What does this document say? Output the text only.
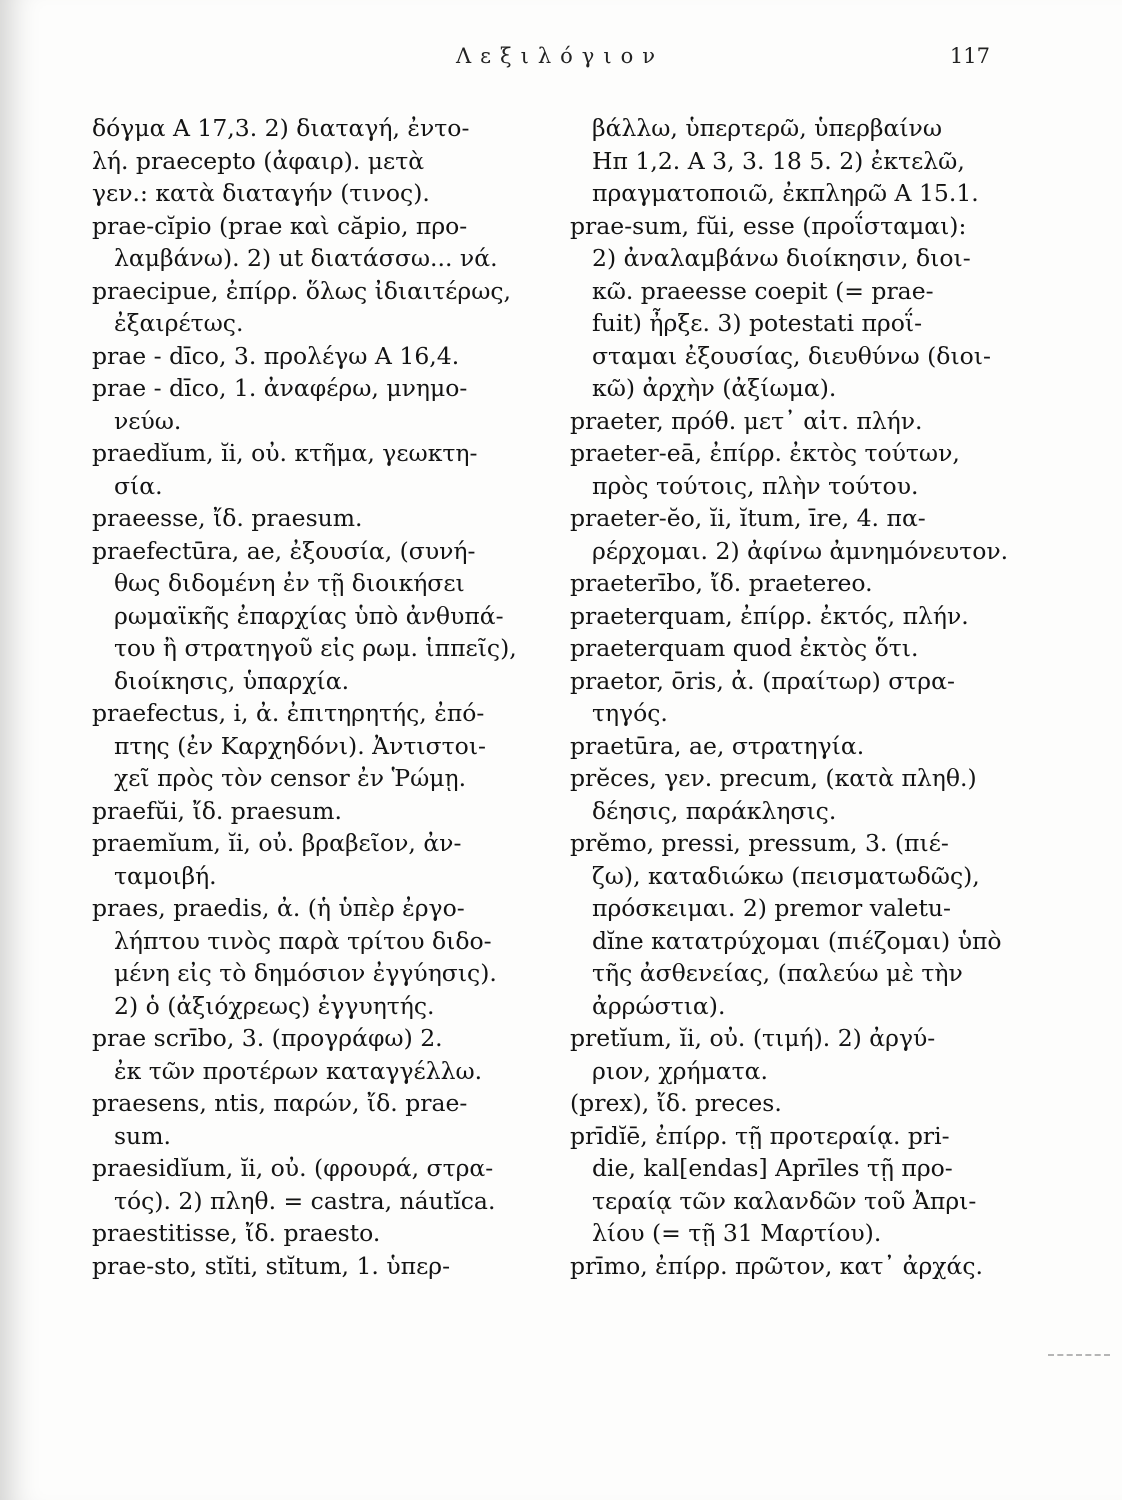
Λεξιλόγιον	117
δόγμα Α 17,3. 2) διαταγή, ἐντο-
λή. praecepto (ἀφαιρ). μετὰ
γεν.: κατὰ διαταγήν (τινος).
prae-cĭpio (prae καὶ căpio, προ-
λαμβάνω). 2) ut διατάσσω... νά.
praecipue, ἐπίρρ. ὅλως ἰδιαιτέρως,
ἐξαιρέτως.
prae - dīco, 3. προλέγω Α 16,4.
prae - dīco, 1. ἀναφέρω, μνημο-
νεύω.
praedĭum, ĭi, οὐ. κτῆμα, γεωκτη-
σία.
praeesse, ἴδ. praesum.
praefectūra, ae, ἐξουσία, (συνή-
θως διδομένη ἐν τῇ διοικήσει
ρωμαϊκῆς ἐπαρχίας ὑπὸ ἀνθυπά-
του ἢ στρατηγοῦ εἰς ρωμ. ἱππεῖς),
διοίκησις, ὑπαρχία.
praefectus, i, ἀ. ἐπιτηρητής, ἐπό-
πτης (ἐν Καρχηδόνι). Ἀντιστοι-
χεῖ πρὸς τὸν censor ἐν Ῥώμῃ.
praefŭi, ἴδ. praesum.
praemĭum, ĭi, οὐ. βραβεῖον, ἀν-
ταμοιβή.
praes, praedis, ἀ. (ἡ ὑπὲρ ἐργο-
λήπτου τινὸς παρὰ τρίτου διδο-
μένη εἰς τὸ δημόσιον ἐγγύησις).
2) ὁ (ἀξιόχρεως) ἐγγυητής.
prae scrībo, 3. (προγράφω) 2.
ἐκ τῶν προτέρων καταγγέλλω.
praesens, ntis, παρών, ἴδ. prae-
sum.
praesidĭum, ĭi, οὐ. (φρουρά, στρα-
τός). 2) πληθ. = castra, náutĭca.
praestitisse, ἴδ. praesto.
prae-sto, stĭti, stĭtum, 1. ὑπερ-
βάλλω, ὑπερτερῶ, ὑπερβαίνω
Ηπ 1,2. Α 3, 3. 18 5. 2) ἐκτελῶ,
πραγματοποιῶ, ἐκπληρῶ Α 15.1.
prae-sum, fŭi, esse (προΐσταμαι):
2) ἀναλαμβάνω διοίκησιν, διοι-
κῶ. praeesse coepit (= prae-
fuit) ἦρξε. 3) potestati προΐ-
σταμαι ἐξουσίας, διευθύνω (διοι-
κῶ) ἀρχὴν (ἀξίωμα).
praeter, πρόθ. μετ᾽ αἰτ. πλήν.
praeter-eā, ἐπίρρ. ἐκτὸς τούτων,
πρὸς τούτοις, πλὴν τούτου.
praeter-ĕo, ĭi, ĭtum, īre, 4. πα-
ρέρχομαι. 2) ἀφίνω ἀμνημόνευτον.
praeterībo, ἴδ. praetereo.
praeterquam, ἐπίρρ. ἐκτός, πλήν.
praeterquam quod ἐκτὸς ὅτι.
praetor, ōris, ἀ. (πραίτωρ) στρα-
τηγός.
praetūra, ae, στρατηγία.
prĕces, γεν. precum, (κατὰ πληθ.)
δέησις, παράκλησις.
prĕmo, pressi, pressum, 3. (πιέ-
ζω), καταδιώκω (πεισματωδῶς),
πρόσκειμαι. 2) premor valetu-
dĭne κατατρύχομαι (πιέζομαι) ὑπὸ
τῆς ἀσθενείας, (παλεύω μὲ τὴν
ἀρρώστια).
pretĭum, ĭi, οὐ. (τιμή). 2) ἀργύ-
ριον, χρήματα.
(prex), ἴδ. preces.
prīdĭē, ἐπίρρ. τῇ προτεραίᾳ. pri-
die, kal[endas] Aprīles τῇ προ-
τεραίᾳ τῶν καλανδῶν τοῦ Ἀπρι-
λίου (= τῇ 31 Μαρτίου).
prīmo, ἐπίρρ. πρῶτον, κατ᾽ ἀρχάς.
